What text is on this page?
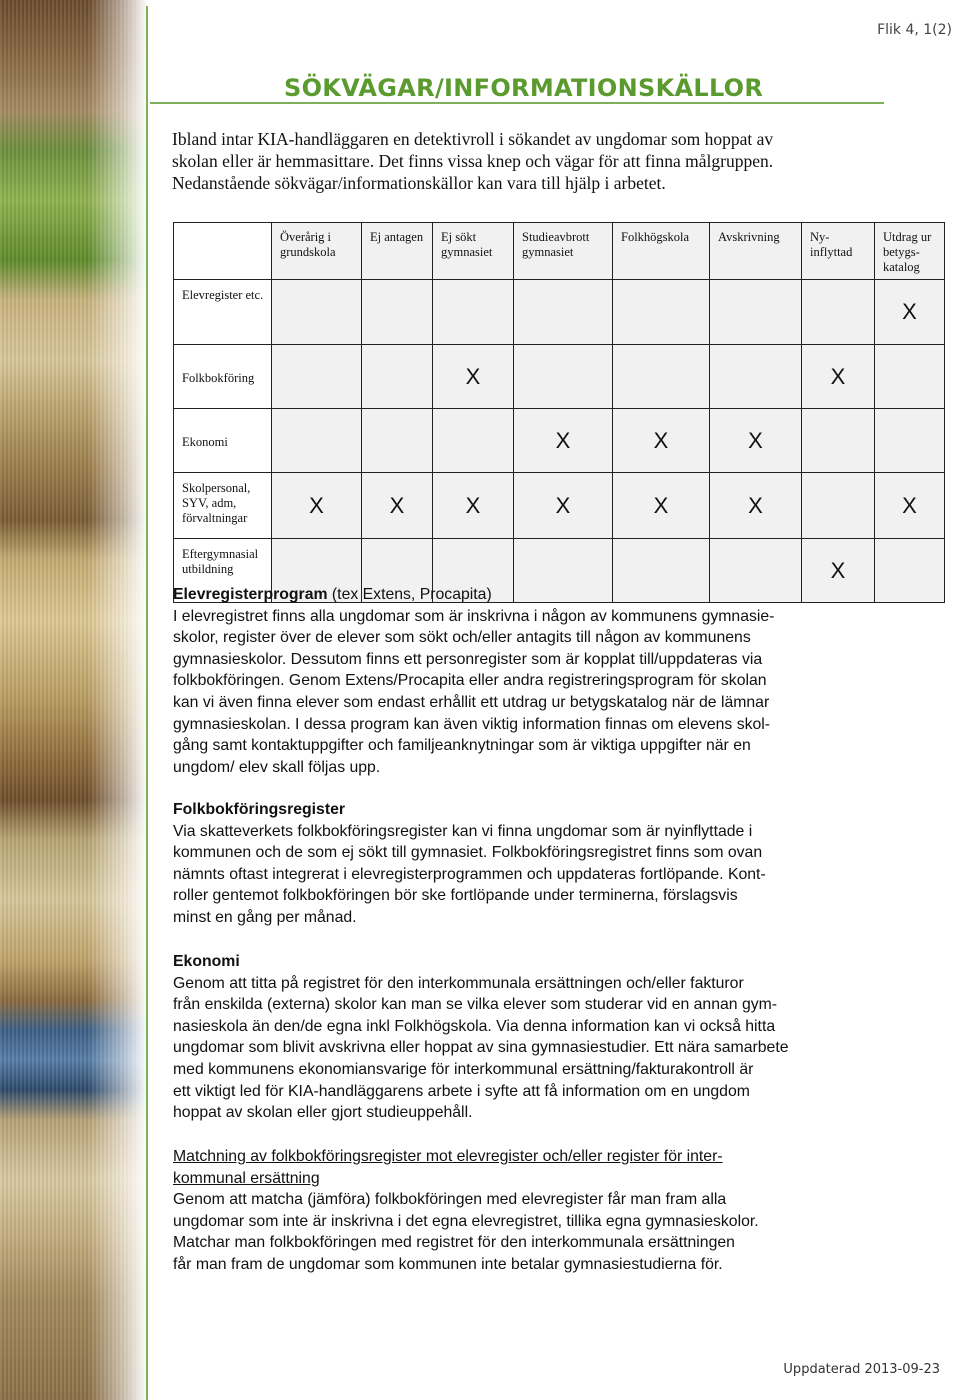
Flik 4, 1(2)
SÖKVÄGAR/INFORMATIONSKÄLLOR
Ibland intar KIA-handläggaren en detektivroll i sökandet av ungdomar som hoppat av
skolan eller är hemmasittare. Det finns vissa knep och vägar för att finna målgruppen.
Nedanstående sökvägar/informationskällor kan vara till hjälp i arbetet.
	Överårig i grundskola	Ej antagen	Ej sökt gymnasiet	Studieavbrott gymnasiet	Folkhögskola	Avskrivning	Ny-inflyttad	Utdrag ur betygs-katalog
Elevregister etc.								X
Folkbokföring			X				X	
Ekonomi				X	X	X		
Skolpersonal, SYV, adm, förvaltningar	X	X	X	X	X	X		X
Eftergymnasial utbildning							X	
Elevregisterprogram (tex Extens, Procapita)
I elevregistret finns alla ungdomar som är inskrivna i någon av kommunens gymnasie-
skolor, register över de elever som sökt och/eller antagits till någon av kommunens
gymnasieskolor. Dessutom finns ett personregister som är kopplat till/uppdateras via
folkbokföringen. Genom Extens/Procapita eller andra registreringsprogram för skolan
kan vi även finna elever som endast erhållit ett utdrag ur betygskatalog när de lämnar
gymnasieskolan. I dessa program kan även viktig information finnas om elevens skol-
gång samt kontaktuppgifter och familjeanknytningar som är viktiga uppgifter när en
ungdom/ elev skall följas upp.
Folkbokföringsregister
Via skatteverkets folkbokföringsregister kan vi finna ungdomar som är nyinflyttade i
kommunen och de som ej sökt till gymnasiet. Folkbokföringsregistret finns som ovan
nämnts oftast integrerat i elevregisterprogrammen och uppdateras fortlöpande. Kont-
roller gentemot folkbokföringen bör ske fortlöpande under terminerna, förslagsvis
minst en gång per månad.
Ekonomi
Genom att titta på registret för den interkommunala ersättningen och/eller fakturor
från enskilda (externa) skolor kan man se vilka elever som studerar vid en annan gym-
nasieskola än den/de egna inkl Folkhögskola. Via denna information kan vi också hitta
ungdomar som blivit avskrivna eller hoppat av sina gymnasiestudier. Ett nära samarbete
med kommunens ekonomiansvarige för interkommunal ersättning/fakturakontroll är
ett viktigt led för KIA-handläggarens arbete i syfte att få information om en ungdom
hoppat av skolan eller gjort studieuppehåll.
Matchning av folkbokföringsregister mot elevregister och/eller register för inter-
kommunal ersättning
Genom att matcha (jämföra) folkbokföringen med elevregister får man fram alla
ungdomar som inte är inskrivna i det egna elevregistret, tillika egna gymnasieskolor.
Matchar man folkbokföringen med registret för den interkommunala ersättningen
får man fram de ungdomar som kommunen inte betalar gymnasiestudierna för.
Uppdaterad 2013-09-23
